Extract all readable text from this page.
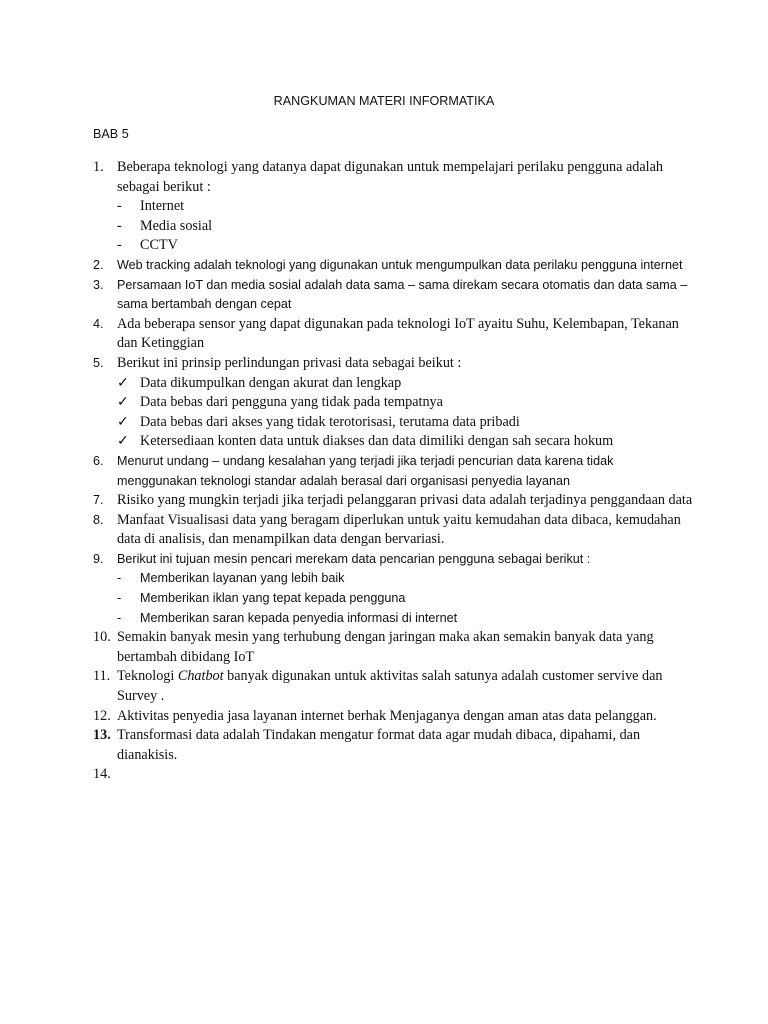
RANGKUMAN MATERI INFORMATIKA
BAB 5
1. Beberapa teknologi yang datanya dapat digunakan untuk mempelajari perilaku pengguna adalah sebagai berikut :
-	Internet
-	Media sosial
-	CCTV
2.	Web tracking adalah teknologi yang digunakan untuk mengumpulkan data perilaku pengguna internet
3.	Persamaan IoT dan media sosial adalah data sama – sama direkam secara otomatis dan data sama – sama bertambah dengan cepat
4. Ada beberapa sensor yang dapat digunakan pada teknologi IoT ayaitu Suhu, Kelembapan, Tekanan dan Ketinggian
5. Berikut ini prinsip perlindungan privasi data sebagai beikut :
✓ Data dikumpulkan dengan akurat dan lengkap
✓ Data bebas dari pengguna yang tidak pada tempatnya
✓ Data bebas dari akses yang tidak terotorisasi, terutama data pribadi
✓ Ketersediaan konten data untuk diakses dan data dimiliki dengan sah secara hokum
6.	Menurut undang – undang kesalahan yang terjadi jika terjadi pencurian data karena tidak menggunakan teknologi standar adalah berasal dari organisasi penyedia layanan
7. Risiko yang mungkin terjadi jika terjadi pelanggaran privasi data adalah terjadinya penggandaan data
8. Manfaat Visualisasi data yang beragam diperlukan untuk yaitu kemudahan data dibaca, kemudahan data di analisis, dan menampilkan data dengan bervariasi.
9.	Berikut ini tujuan mesin pencari merekam data pencarian pengguna sebagai berikut :
-	Memberikan layanan yang lebih baik
-	Memberikan iklan yang tepat kepada pengguna
-	Memberikan saran kepada penyedia informasi di internet
10. Semakin banyak mesin yang terhubung dengan jaringan maka akan semakin banyak data yang bertambah dibidang IoT
11. Teknologi Chatbot banyak digunakan untuk aktivitas salah satunya adalah customer servive dan Survey .
12. Aktivitas penyedia jasa layanan internet berhak Menjaganya dengan aman atas data pelanggan.
13. Transformasi data adalah Tindakan mengatur format data agar mudah dibaca, dipahami, dan dianakisis.
14.
